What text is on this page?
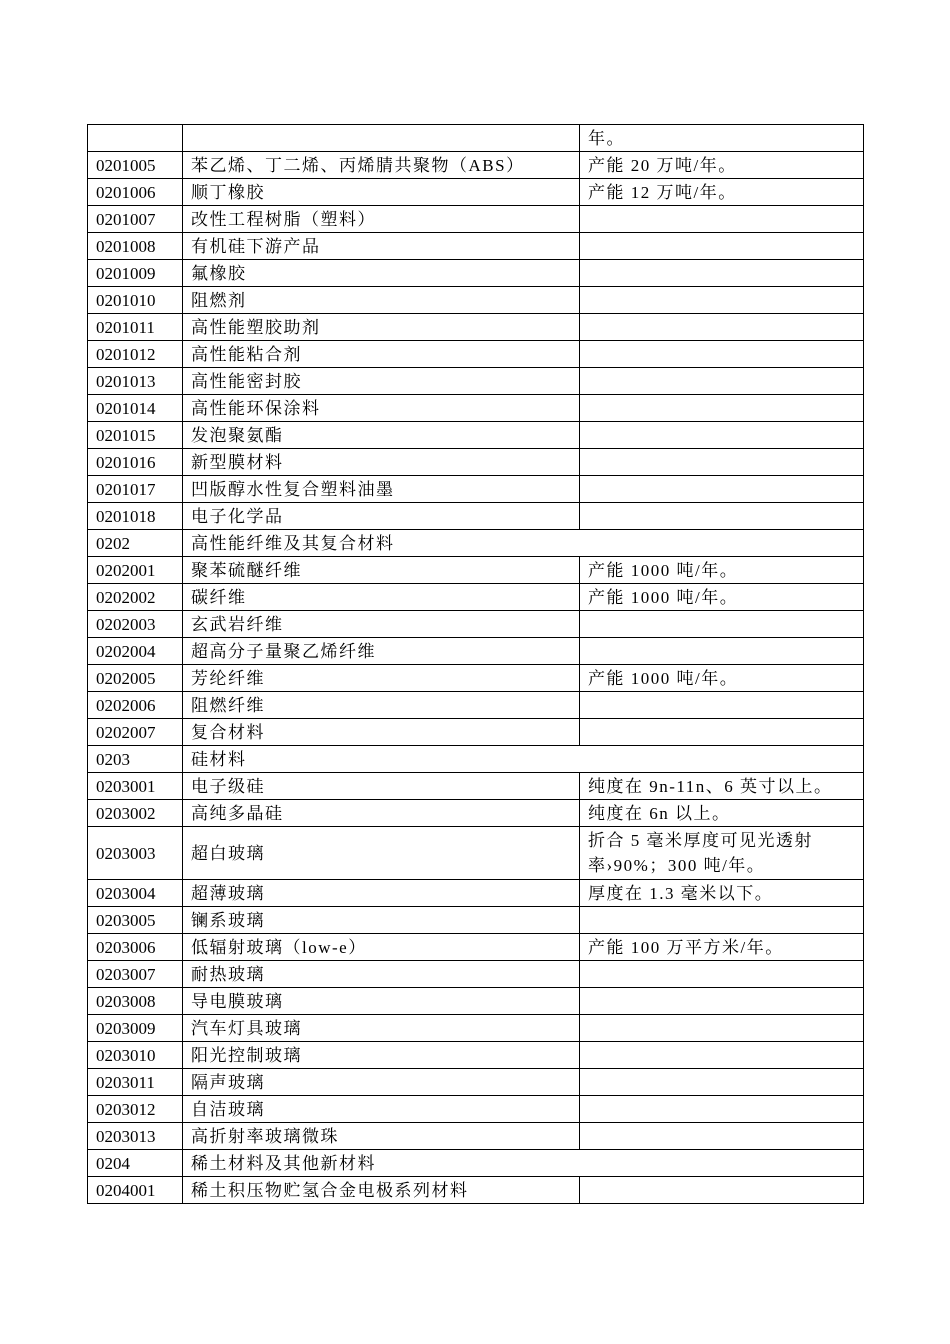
		年。
0201005	苯乙烯、丁二烯、丙烯腈共聚物（ABS）	产能 20 万吨/年。
0201006	顺丁橡胶	产能 12 万吨/年。
0201007	改性工程树脂（塑料）	
0201008	有机硅下游产品	
0201009	氟橡胶	
0201010	阻燃剂	
0201011	高性能塑胶助剂	
0201012	高性能粘合剂	
0201013	高性能密封胶	
0201014	高性能环保涂料	
0201015	发泡聚氨酯	
0201016	新型膜材料	
0201017	凹版醇水性复合塑料油墨	
0201018	电子化学品	
0202	高性能纤维及其复合材料	
0202001	聚苯硫醚纤维	产能 1000 吨/年。
0202002	碳纤维	产能 1000 吨/年。
0202003	玄武岩纤维	
0202004	超高分子量聚乙烯纤维	
0202005	芳纶纤维	产能 1000 吨/年。
0202006	阻燃纤维	
0202007	复合材料	
0203	硅材料	
0203001	电子级硅	纯度在 9n-11n、6 英寸以上。
0203002	高纯多晶硅	纯度在 6n 以上。
0203003	超白玻璃	折合 5 毫米厚度可见光透射率›90%；300 吨/年。
0203004	超薄玻璃	厚度在 1.3 毫米以下。
0203005	镧系玻璃	
0203006	低辐射玻璃（low-e）	产能 100 万平方米/年。
0203007	耐热玻璃	
0203008	导电膜玻璃	
0203009	汽车灯具玻璃	
0203010	阳光控制玻璃	
0203011	隔声玻璃	
0203012	自洁玻璃	
0203013	高折射率玻璃微珠	
0204	稀土材料及其他新材料	
0204001	稀土积压物贮氢合金电极系列材料	
